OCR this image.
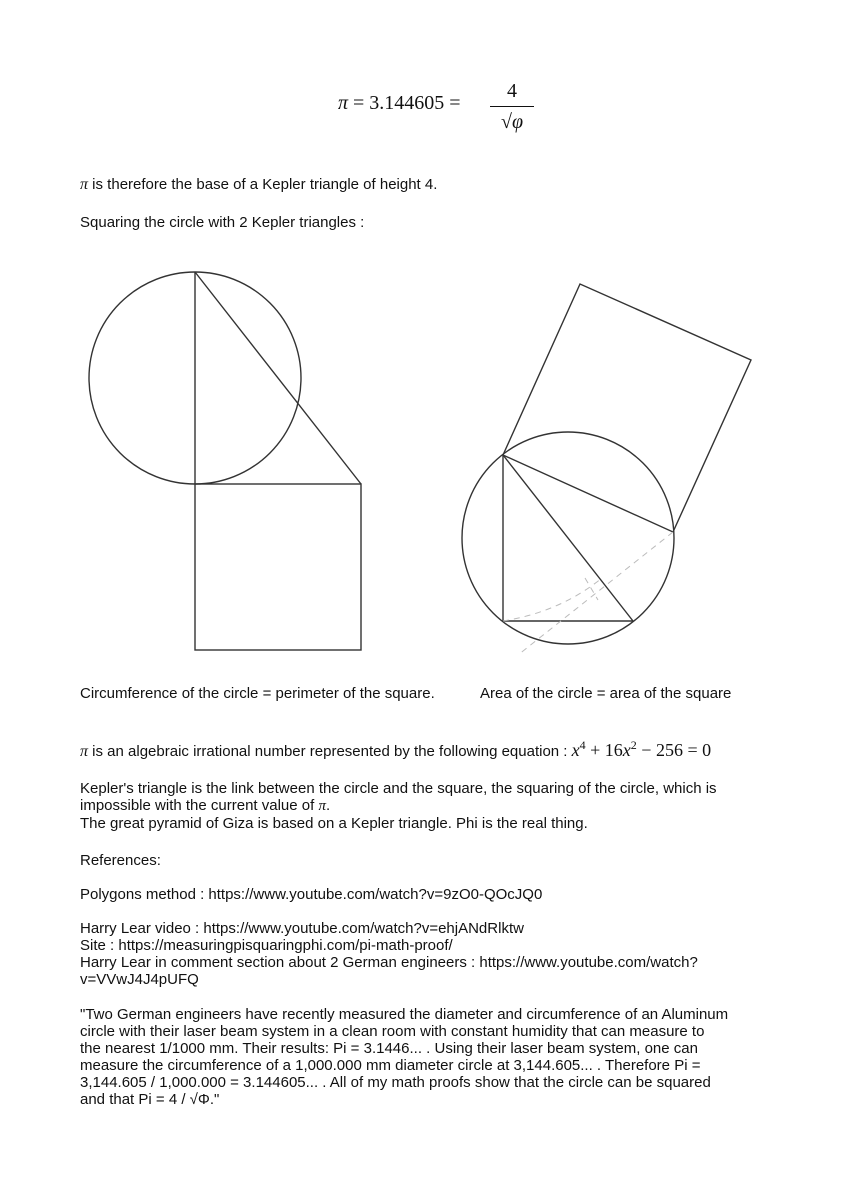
π = 3.144605 =
4
√φ
π is therefore the base of a Kepler triangle of height 4.
Squaring the circle with 2 Kepler triangles :
Circumference of the circle = perimeter of the square.	Area of the circle = area of the square
π is an algebraic irrational number represented by the following equation : $x^4 + 16x^2 - 256 = 0$
Kepler's triangle is the link between the circle and the square, the squaring of the circle, which is
impossible with the current value of π.
The great pyramid of Giza is based on a Kepler triangle. Phi is the real thing.
References:
Polygons method : https://www.youtube.com/watch?v=9zO0-QOcJQ0
Harry Lear video : https://www.youtube.com/watch?v=ehjANdRlktw
Site : https://measuringpisquaringphi.com/pi-math-proof/
Harry Lear in comment section about 2 German engineers : https://www.youtube.com/watch?
v=VVwJ4J4pUFQ
"Two German engineers have recently measured the diameter and circumference of an Aluminum
circle with their laser beam system in a clean room with constant humidity that can measure to
the nearest 1/1000 mm. Their results: Pi = 3.1446... . Using their laser beam system, one can
measure the circumference of a 1,000.000 mm diameter circle at 3,144.605... . Therefore Pi =
3,144.605 / 1,000.000 = 3.144605... . All of my math proofs show that the circle can be squared
and that Pi = 4 / √Φ."
